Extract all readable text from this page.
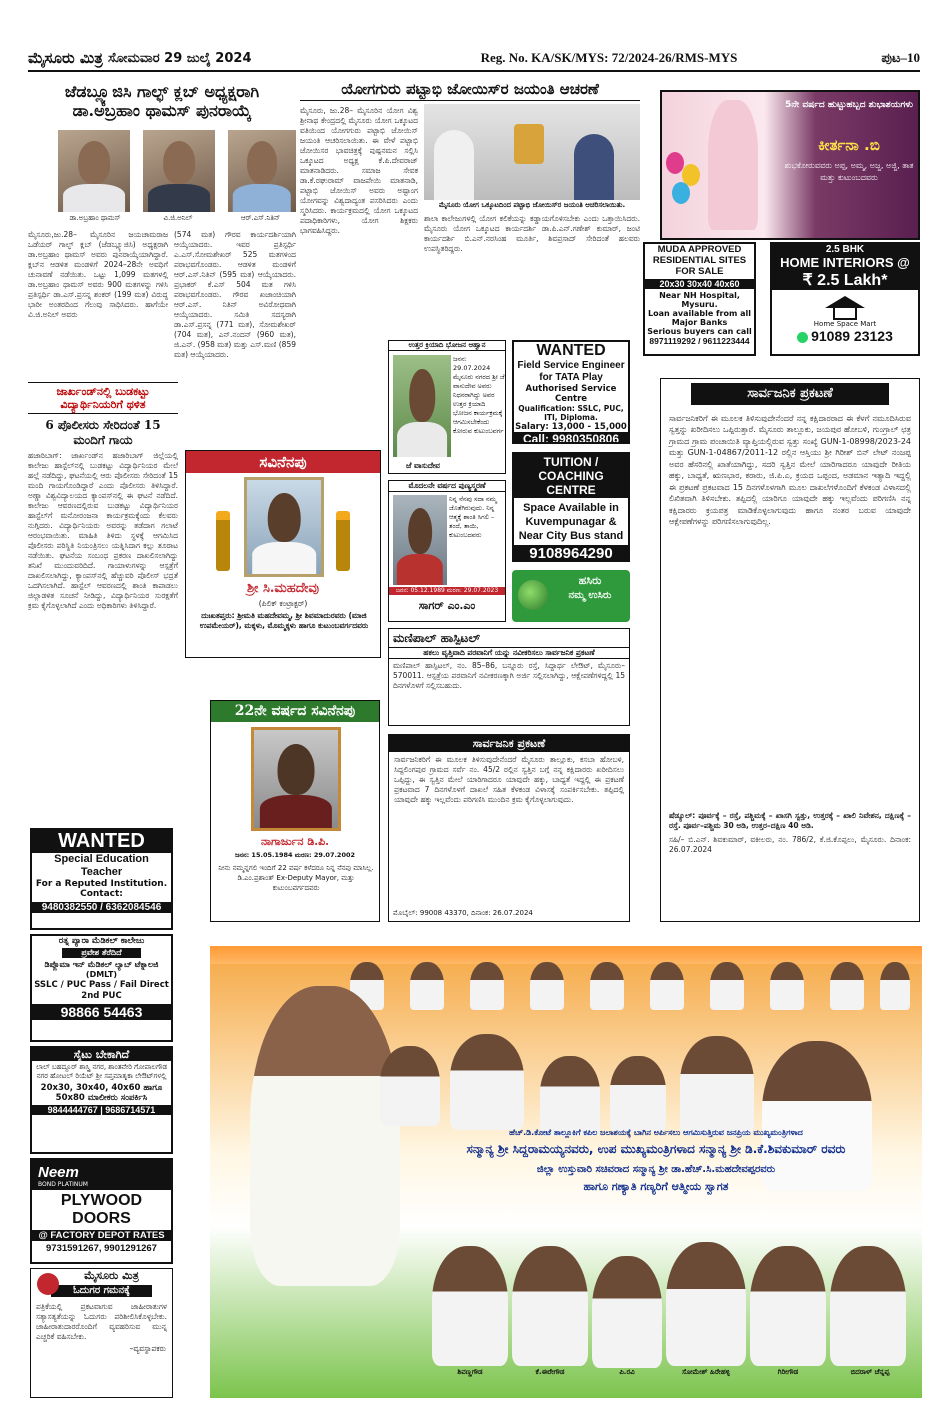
ಮೈಸೂರು ಮಿತ್ರ ಸೋಮವಾರ 29 ಜುಲೈ 2024	Reg. No. KA/SK/MYS: 72/2024-26/RMS-MYS	ಪುಟ–10
ಜೆಡಬ್ಲ್ಯೂಜಿಸಿ ಗಾಲ್ಫ್ ಕ್ಲಬ್ ಅಧ್ಯಕ್ಷರಾಗಿ ಡಾ.ಅಬ್ರಹಾಂ ಥಾಮಸ್ ಪುನರಾಯ್ಕೆ
ಡಾ.ಅಬ್ರಹಾಂ ಥಾಮಸ್	ವಿ.ಜಿ.ಅನಿಲ್	ಆರ್.ಎಸ್.ನಿತಿನ್
ಮೈಸೂರು,ಜು.28– ಮೈಸೂರಿನ ಜಯಚಾಮರಾಜ ಒಡೆಯರ್ ಗಾಲ್ಫ್ ಕ್ಲಬ್ (ಜೆಡಬ್ಲ್ಯೂಜಿಸಿ) ಅಧ್ಯಕ್ಷರಾಗಿ ಡಾ.ಅಬ್ರಹಾಂ ಥಾಮಸ್ ಅವರು ಪುನರಾಯ್ಕೆಯಾಗಿದ್ದಾರೆ. ಕ್ಲಬ್‌ನ ಆಡಳಿತ ಮಂಡಳಿಗೆ 2024–28ನೇ ಅವಧಿಗೆ ಚುನಾವಣೆ ನಡೆಯಿತು. ಒಟ್ಟು 1,099 ಮತಗಳಲ್ಲಿ ಡಾ.ಅಬ್ರಹಾಂ ಥಾಮಸ್ ಅವರು 900 ಮತಗಳನ್ನು ಗಳಿಸಿ ಪ್ರತಿಸ್ಪರ್ಧಿ ಡಾ.ಎಸ್.ಪ್ರಸನ್ನ ಶಂಕರ್ (199 ಮತ) ವಿರುದ್ಧ ಭಾರೀ ಅಂತರದಿಂದ ಗೆಲುವು ಸಾಧಿಸಿದರು. ಹಾಗೆಯೇ ವಿ.ಜಿ.ಅನಿಲ್ ಅವರು
(574 ಮತ) ಗೌರವ ಕಾರ್ಯದರ್ಶಿಯಾಗಿ ಆಯ್ಕೆಯಾದರು. ಇವರ ಪ್ರತಿಸ್ಪರ್ಧಿ ಎ.ಎಸ್.ಸೋಮಶೇಖರ್ 525 ಮತಗಳಿಂದ ಪರಾಭವಗೊಂಡರು. ಆಡಳಿತ ಮಂಡಳಿಗೆ ಆರ್.ಎಸ್.ನಿತಿನ್ (595 ಮತ) ಆಯ್ಕೆಯಾದರು. ಪ್ರಭಾಕರ್ ಕೆ.ಎಸ್ 504 ಮತ ಗಳಿಸಿ ಪರಾಭವಗೊಂಡರು. ಗೌರವ ಖಜಾಂಚಿಯಾಗಿ ಆರ್.ಎಸ್. ನಿತಿನ್ ಅವಿರೋಧವಾಗಿ ಆಯ್ಕೆಯಾದರು. ಸಮಿತಿ ಸದಸ್ಯರಾಗಿ ಡಾ.ಎಸ್.ಪ್ರಸನ್ನ (771 ಮತ), ಸೋಮಶೇಖರ್ (704 ಮತ), ಎನ್.ನಂದನ್ (960 ಮತ), ಜಿ.ಎನ್. (958 ಮತ) ಮತ್ತು ಎಸ್.ಮಣಿ (859 ಮತ) ಆಯ್ಕೆಯಾದರು.
ಜಾರ್ಖಂಡ್‌ನಲ್ಲಿ ಬುಡಕಟ್ಟು ವಿದ್ಯಾರ್ಥಿನಿಯರಿಗೆ ಥಳಿತ
6 ಪೊಲೀಸರು ಸೇರಿದಂತೆ 15 ಮಂದಿಗೆ ಗಾಯ
ಹಜಾರಿಬಾಗ್: ಜಾರ್ಖಂಡ್‌ನ ಹಜಾರಿಬಾಗ್ ಜಿಲ್ಲೆಯಲ್ಲಿ ಕಾಲೇಜು ಹಾಸ್ಟೆಲ್‌ನಲ್ಲಿ ಬುಡಕಟ್ಟು ವಿದ್ಯಾರ್ಥಿನಿಯರ ಮೇಲೆ ಹಲ್ಲೆ ನಡೆದಿದ್ದು, ಘಟನೆಯಲ್ಲಿ ಆರು ಪೊಲೀಸರು ಸೇರಿದಂತೆ 15 ಮಂದಿ ಗಾಯಗೊಂಡಿದ್ದಾರೆ ಎಂದು ಪೊಲೀಸರು ತಿಳಿಸಿದ್ದಾರೆ. ಅಣ್ಣಾ ವಿಶ್ವವಿದ್ಯಾಲಯದ ಕ್ಯಾಂಪಸ್‌ನಲ್ಲಿ ಈ ಘಟನೆ ನಡೆದಿದೆ. ಕಾಲೇಜು ಆವರಣದಲ್ಲಿರುವ ಬುಡಕಟ್ಟು ವಿದ್ಯಾರ್ಥಿನಿಯರ ಹಾಸ್ಟೆಲ್‌ಗೆ ಮನೋರಂಜನಾ ಕಾರ್ಯಕ್ರಮಕ್ಕೆಂದು ಕೆಲವರು ನುಗ್ಗಿದರು. ವಿದ್ಯಾರ್ಥಿನಿಯರು ಅವರನ್ನು ತಡೆದಾಗ ಗಲಾಟೆ ಆರಂಭವಾಯಿತು. ಮಾಹಿತಿ ತಿಳಿದು ಸ್ಥಳಕ್ಕೆ ಆಗಮಿಸಿದ ಪೊಲೀಸರು ಪರಿಸ್ಥಿತಿ ನಿಯಂತ್ರಿಸಲು ಯತ್ನಿಸಿದಾಗ ಕಲ್ಲು ತೂರಾಟ ನಡೆಯಿತು. ಘಟನೆಯ ಸಂಬಂಧ ಪ್ರಕರಣ ದಾಖಲಿಸಲಾಗಿದ್ದು ತನಿಖೆ ಮುಂದುವರಿದಿದೆ. ಗಾಯಾಳುಗಳನ್ನು ಆಸ್ಪತ್ರೆಗೆ ದಾಖಲಿಸಲಾಗಿದ್ದು, ಕ್ಯಾಂಪಸ್‌ನಲ್ಲಿ ಹೆಚ್ಚುವರಿ ಪೊಲೀಸ್ ಭದ್ರತೆ ಒದಗಿಸಲಾಗಿದೆ. ಹಾಸ್ಟೆಲ್ ಆವರಣದಲ್ಲಿ ಶಾಂತಿ ಕಾಪಾಡಲು ಜಿಲ್ಲಾಡಳಿತ ಸೂಚನೆ ನೀಡಿದ್ದು, ವಿದ್ಯಾರ್ಥಿನಿಯರ ಸುರಕ್ಷತೆಗೆ ಕ್ರಮ ಕೈಗೊಳ್ಳಲಾಗಿದೆ ಎಂದು ಅಧಿಕಾರಿಗಳು ತಿಳಿಸಿದ್ದಾರೆ.
ಯೋಗಗುರು ಪಟ್ಟಾಭಿ ಜೋಯಿಸ್‌ರ ಜಯಂತಿ ಆಚರಣೆ
ಮೈಸೂರು, ಜು.28– ಮೈಸೂರಿನ ಯೋಗ ವಿಶ್ವ ಶ್ರೀನಾಥ ಕೇಂದ್ರದಲ್ಲಿ ಮೈಸೂರು ಯೋಗ ಒಕ್ಕೂಟದ ವತಿಯಿಂದ ಯೋಗಗುರು ಪಟ್ಟಾಭಿ ಜೋಯಿಸ್ ಜಯಂತಿ ಆಚರಿಸಲಾಯಿತು. ಈ ವೇಳೆ ಪಟ್ಟಾಭಿ ಜೋಯಿಸರ ಭಾವಚಿತ್ರಕ್ಕೆ ಪುಷ್ಪನಮನ ಸಲ್ಲಿಸಿ ಒಕ್ಕೂಟದ ಅಧ್ಯಕ್ಷ ಕೆ.ಪಿ.ದೇವರಾಜ್ ಮಾತನಾಡಿದರು. ಸಮಾಜ ಸೇವಕ ಡಾ.ಕೆ.ರಘುರಾಮ್ ವಾಜಪೇಯಿ ಮಾತನಾಡಿ, ಪಟ್ಟಾಭಿ ಜೋಯಿಸ್ ಅವರು ಅಷ್ಟಾಂಗ ಯೋಗವನ್ನು ವಿಶ್ವದಾದ್ಯಂತ ಪಸರಿಸಿದರು ಎಂದು ಸ್ಮರಿಸಿದರು. ಕಾರ್ಯಕ್ರಮದಲ್ಲಿ ಯೋಗ ಒಕ್ಕೂಟದ ಪದಾಧಿಕಾರಿಗಳು, ಯೋಗ ಶಿಕ್ಷಕರು ಭಾಗವಹಿಸಿದ್ದರು.
ಮೈಸೂರು ಯೋಗ ಒಕ್ಕೂಟದಿಂದ ಪಟ್ಟಾಭಿ ಜೋಯಿಸ್‌ರ ಜಯಂತಿ ಆಚರಿಸಲಾಯಿತು.
ಶಾಲಾ ಕಾಲೇಜುಗಳಲ್ಲಿ ಯೋಗ ಕಲಿಕೆಯನ್ನು ಕಡ್ಡಾಯಗೊಳಿಸಬೇಕು ಎಂದು ಒತ್ತಾಯಿಸಿದರು. ಮೈಸೂರು ಯೋಗ ಒಕ್ಕೂಟದ ಕಾರ್ಯದರ್ಶಿ ಡಾ.ಪಿ.ಎನ್.ಗಣೇಶ್ ಕುಮಾರ್, ಜಂಟಿ ಕಾರ್ಯದರ್ಶಿ ಬಿ.ಎನ್.ನರಸಿಂಹ ಮೂರ್ತಿ, ಶಿವಪ್ರಸಾದ್ ಸೇರಿದಂತೆ ಹಲವರು ಉಪಸ್ಥಿತರಿದ್ದರು.
5ನೇ ವರ್ಷದ ಹುಟ್ಟುಹಬ್ಬದ ಶುಭಾಶಯಗಳು
ಕೀರ್ತನಾ .ಬಿ
ಶುಭಕೋರುವವರು ಅಪ್ಪ, ಅಮ್ಮ, ಅಜ್ಜ, ಅಜ್ಜಿ, ತಾತ ಮತ್ತು ಕುಟುಂಬದವರು
MUDA APPROVED RESIDENTIAL SITES FOR SALE
20x30 30x40 40x60
Near NH Hospital, Mysuru.
Loan available from all Major Banks
Serious buyers can call
8971119292 / 9611223444
2.5 BHK
HOME INTERIORS @
₹ 2.5 Lakh*
Home Space Mart
91089 23123
ಉತ್ತರ ಕ್ರಿಯಾದಿ ಭೋಜನ ಆಹ್ವಾನ
ಜನನ: 29.07.2024 ಮೈಸೂರು ನಗರದ ಶ್ರೀ ಜೆ ವಾಸುದೇವ ಅವರು ನಿಧನರಾಗಿದ್ದು ಅವರ ಉತ್ತರ ಕ್ರಿಯಾದಿ ಭೋಜನ ಕಾರ್ಯಕ್ರಮಕ್ಕೆ ಆಗಮಿಸಬೇಕೆಂದು ಕೋರುವ ಕುಟುಂಬವರ್ಗ
ಜೆ ವಾಸುದೇವ
WANTED
Field Service Engineer for TATA Play
Authorised Service Centre
Qualification: SSLC, PUC, ITI, Diploma.
Salary: 13,000 - 15,000
Call: 9980350806
TUITION / COACHING CENTRE
Space Available in Kuvempunagar & Near City Bus stand
9108964290
ಹಸಿರು
ನಮ್ಮ ಉಸಿರು
ಸವಿನೆನಪು
ಶ್ರೀ ಸಿ.ಮಹದೇವು
(ಪಿಲಿಕ್ ಕಂಟ್ರಾಕ್ಟರ್)
ದುಃಖತಪ್ತರು: ಶ್ರೀಮತಿ ಮಹದೇವಮ್ಮ, ಶ್ರೀ ಶಿವಮಾದುರವರು (ಮಾಜಿ ಉಪಮೇಯರ್), ಮಕ್ಕಳು, ಮೊಮ್ಮಕ್ಕಳು ಹಾಗೂ ಕುಟುಂಬವರ್ಗದವರು
ಮೊದಲನೇ ವರ್ಷದ ಪುಣ್ಯಸ್ಮರಣೆ
ನಿನ್ನ ನೆನಪು ಸದಾ ನಮ್ಮ ಜೊತೆಗಿರುವುದು. ನಿನ್ನ ಆತ್ಮಕ್ಕೆ ಶಾಂತಿ ಸಿಗಲಿ – ತಂದೆ, ತಾಯಿ, ಕುಟುಂಬದವರು
ಜನನ: 05.12.1989 ಮರಣ: 29.07.2023
ಸಾಗರ್ ಎಂ.ಎಂ
ಮಣಿಪಾಲ್ ಹಾಸ್ಪಿಟಲ್
ಹಕಲು ವೃತ್ತಿವಾದಿ ಪರವಾನಿಗೆ ಯನ್ನು ನವೀಕರಿಸಲು ಸಾರ್ವಜನಿಕ ಪ್ರಕಟಣೆ
ಮಣಿಪಾಲ್ ಹಾಸ್ಪಿಟಲ್, ನಂ. 85–86, ಬನ್ನೂರು ರಸ್ತೆ, ಸಿದ್ದಾರ್ಥ ಲೇಔಟ್, ಮೈಸೂರು–570011. ಆಸ್ಪತ್ರೆಯ ಪರವಾನಿಗೆ ನವೀಕರಣಕ್ಕಾಗಿ ಅರ್ಜಿ ಸಲ್ಲಿಸಲಾಗಿದ್ದು, ಆಕ್ಷೇಪಣೆಗಳಿದ್ದಲ್ಲಿ 15 ದಿನಗಳೊಳಗೆ ಸಲ್ಲಿಸಬಹುದು.
22ನೇ ವರ್ಷದ ಸವಿನೆನಪು
ನಾಗಾರ್ಜುನ ಡಿ.ಪಿ.
ಜನನ: 15.05.1984 ಮರಣ: 29.07.2002
ನೀನು ನಮ್ಮನ್ನಗಲಿ ಇಂದಿಗೆ 22 ವರ್ಷ ಕಳೆದರೂ ನಿನ್ನ ನೆನಪು ಮಾಸಿಲ್ಲ. ಡಿ.ಎಂ.ಪ್ರಶಾಂತ್ Ex-Deputy Mayor, ಮತ್ತು ಕುಟುಂಬವರ್ಗದವರು
ಸಾರ್ವಜನಿಕ ಪ್ರಕಟಣೆ
ಸಾರ್ವಜನಿಕರಿಗೆ ಈ ಮೂಲಕ ತಿಳಿಸುವುದೇನೆಂದರೆ ಮೈಸೂರು ತಾಲ್ಲೂಕು, ಕಸಬಾ ಹೋಬಳಿ, ಸಿದ್ದಲಿಂಗಪುರ ಗ್ರಾಮದ ಸರ್ವೆ ನಂ. 45/2 ರಲ್ಲಿನ ಸ್ವತ್ತಿನ ಬಗ್ಗೆ ನನ್ನ ಕಕ್ಷಿದಾರರು ಖರೀದಿಸಲು ಒಪ್ಪಿದ್ದು, ಈ ಸ್ವತ್ತಿನ ಮೇಲೆ ಯಾರಿಗಾದರೂ ಯಾವುದೇ ಹಕ್ಕು, ಬಾಧ್ಯತೆ ಇದ್ದಲ್ಲಿ ಈ ಪ್ರಕಟಣೆ ಪ್ರಕಟವಾದ 7 ದಿನಗಳೊಳಗೆ ದಾಖಲೆ ಸಹಿತ ಕೆಳಕಂಡ ವಿಳಾಸಕ್ಕೆ ಸಂಪರ್ಕಿಸಬೇಕು. ತಪ್ಪಿದಲ್ಲಿ ಯಾವುದೇ ಹಕ್ಕು ಇಲ್ಲವೆಂದು ಪರಿಗಣಿಸಿ ಮುಂದಿನ ಕ್ರಮ ಕೈಗೊಳ್ಳಲಾಗುವುದು.
ಮೊಬೈಲ್: 99008 43370, ದಿನಾಂಕ: 26.07.2024
ಸಾರ್ವಜನಿಕ ಪ್ರಕಟಣೆ
ಸಾರ್ವಜನಿಕರಿಗೆ ಈ ಮೂಲಕ ತಿಳಿಸುವುದೇನೆಂದರೆ ನನ್ನ ಕಕ್ಷಿದಾರರಾದ ಈ ಕೆಳಗೆ ನಮೂದಿಸಿರುವ ಸ್ವತ್ತನ್ನು ಖರೀದಿಸಲು ಒಪ್ಪಿರುತ್ತಾರೆ. ಮೈಸೂರು ತಾಲ್ಲೂಕು, ಜಯಪುರ ಹೋಬಳಿ, ಗುಂಗ್ರಾಲ್ ಛತ್ರ ಗ್ರಾಮದ ಗ್ರಾಮ ಪಂಚಾಯಿತಿ ವ್ಯಾಪ್ತಿಯಲ್ಲಿರುವ ಸ್ವತ್ತು ಸಂಖ್ಯೆ GUN-1-08998/2023-24 ಮತ್ತು GUN-1-04867/2011-12 ರಲ್ಲಿನ ಆಸ್ತಿಯು ಶ್ರೀ ಗಿರೀಶ್ ಬಿನ್ ಲೇಟ್ ನಂಜಪ್ಪ ಅವರ ಹೆಸರಿನಲ್ಲಿ ಖಾತೆಯಾಗಿದ್ದು, ಸದರಿ ಸ್ವತ್ತಿನ ಮೇಲೆ ಯಾರಿಗಾದರೂ ಯಾವುದೇ ರೀತಿಯ ಹಕ್ಕು, ಬಾಧ್ಯತೆ, ಋಣಭಾರ, ಕರಾರು, ಜಿ.ಪಿ.ಎ, ಕ್ರಯದ ಒಪ್ಪಂದ, ಅಡಮಾನ ಇತ್ಯಾದಿ ಇದ್ದಲ್ಲಿ ಈ ಪ್ರಕಟಣೆ ಪ್ರಕಟವಾದ 15 ದಿನಗಳೊಳಗಾಗಿ ಮೂಲ ದಾಖಲೆಗಳೊಂದಿಗೆ ಕೆಳಕಂಡ ವಿಳಾಸದಲ್ಲಿ ಲಿಖಿತವಾಗಿ ತಿಳಿಸಬೇಕು. ತಪ್ಪಿದಲ್ಲಿ ಯಾರಿಗೂ ಯಾವುದೇ ಹಕ್ಕು ಇಲ್ಲವೆಂದು ಪರಿಗಣಿಸಿ ನನ್ನ ಕಕ್ಷಿದಾರರು ಕ್ರಯಪತ್ರ ಮಾಡಿಕೊಳ್ಳಲಾಗುವುದು ಹಾಗೂ ನಂತರ ಬರುವ ಯಾವುದೇ ಆಕ್ಷೇಪಣೆಗಳನ್ನು ಪರಿಗಣಿಸಲಾಗುವುದಿಲ್ಲ.
ಷೆಡ್ಯೂಲ್: ಪೂರ್ವಕ್ಕೆ – ರಸ್ತೆ, ಪಶ್ಚಿಮಕ್ಕೆ – ಖಾಸಗಿ ಸ್ವತ್ತು, ಉತ್ತರಕ್ಕೆ – ಖಾಲಿ ನಿವೇಶನ, ದಕ್ಷಿಣಕ್ಕೆ – ರಸ್ತೆ. ಪೂರ್ವ–ಪಶ್ಚಿಮ 30 ಅಡಿ, ಉತ್ತರ–ದಕ್ಷಿಣ 40 ಅಡಿ.
ಸಹಿ/– ಬಿ.ಎನ್. ಶಿವಕುಮಾರ್, ವಕೀಲರು, ನಂ. 786/2, ಕೆ.ಜಿ.ಕೊಪ್ಪಲು, ಮೈಸೂರು. ದಿನಾಂಕ: 26.07.2024
WANTED
Special Education Teacher
For a Reputed Institution. Contact:
9480382550 / 6362084546
ರತ್ನ ಪ್ಯಾರಾ ಮೆಡಿಕಲ್ ಕಾಲೇಜು
ಪ್ರವೇಶ ತೆರೆದಿದೆ
ಡಿಪ್ಲೊಮಾ ಇನ್ ಮೆಡಿಕಲ್ ಲ್ಯಾಬ್ ಟೆಕ್ನಾಲಜಿ (DMLT)
SSLC / PUC Pass / Fail Direct 2nd PUC
98866 54463
ಸೈಟು ಬೇಕಾಗಿದೆ
ಲಾಲ್ ಬಹದ್ದೂರ್ ಶಾಸ್ತ್ರಿ ನಗರ, ಶಾಂತವೇರಿ ಗೋಪಾಲಗೌಡ ನಗರ ಹೋಟಲ್ ರಿಯೆಟ್ ಶ್ರೀ ಸಪ್ತಮಾತೃಕಾ ಲೇಔಟ್‌ಗಳಲ್ಲಿ
20x30, 30x40, 40x60 ಹಾಗೂ 50x80 ಮಾಲೀಕರು ಸಂಪರ್ಕಿಸಿ
9844444767 | 9686714571
Neem
BOND PLATINUM
PLYWOOD DOORS
@ FACTORY DEPOT RATES
9731591267, 9901291267
ಮೈಸೂರು ಮಿತ್ರ
ಓದುಗರ ಗಮನಕ್ಕೆ
ಪತ್ರಿಕೆಯಲ್ಲಿ ಪ್ರಕಟವಾಗುವ ಜಾಹೀರಾತುಗಳ ಸತ್ಯಾಸತ್ಯತೆಯನ್ನು ಓದುಗರು ಪರಿಶೀಲಿಸಿಕೊಳ್ಳಬೇಕು. ಜಾಹೀರಾತುದಾರರೊಂದಿಗೆ ವ್ಯವಹರಿಸುವ ಮುನ್ನ ಎಚ್ಚರಿಕೆ ವಹಿಸಬೇಕು.
–ವ್ಯವಸ್ಥಾಪಕರು
ಹೆಚ್.ಡಿ.ಕೋಟೆ ತಾಲ್ಲೂಕಿಗೆ ಕಪಿಲ ಜಲಾಶಯಕ್ಕೆ ಬಾಗಿನ ಅರ್ಪಿಸಲು ಆಗಮಿಸುತ್ತಿರುವ ಜನಪ್ರಿಯ ಮುಖ್ಯಮಂತ್ರಿಗಳಾದ
ಸನ್ಮಾನ್ಯ ಶ್ರೀ ಸಿದ್ದರಾಮಯ್ಯನವರು, ಉಪ ಮುಖ್ಯಮಂತ್ರಿಗಳಾದ ಸನ್ಮಾನ್ಯ ಶ್ರೀ ಡಿ.ಕೆ.ಶಿವಕುಮಾರ್ ರವರು
ಜಿಲ್ಲಾ ಉಸ್ತುವಾರಿ ಸಚಿವರಾದ ಸನ್ಮಾನ್ಯ ಶ್ರೀ ಡಾ.ಹೆಚ್.ಸಿ.ಮಹದೇವಪ್ಪರವರು
ಹಾಗೂ ಗಣ್ಯಾತಿ ಗಣ್ಯರಿಗೆ ಆತ್ಮೀಯ ಸ್ವಾಗತ
ಶಿವಣ್ಣಗೌಡ	ಕೆ.ಈರೇಗೌಡ	ಪಿ.ರವಿ	ಸೋಮೇಶ್ ಹಿರೇಹಳ್ಳಿ	ಗಿರೀಗೌಡ	ಬಿದರಾಳ್ ಚೆನ್ನಪ್ಪ
